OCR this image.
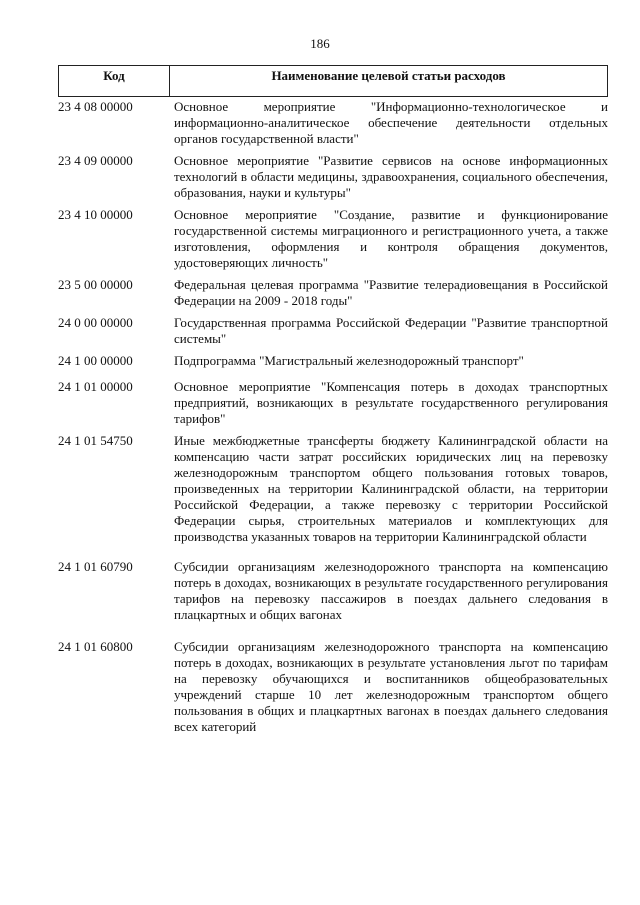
186
Код	Наименование целевой статьи расходов
23 4 08 00000	Основное мероприятие "Информационно-технологическое и информационно-аналитическое обеспечение деятельности отдельных органов государственной власти"
23 4 09 00000	Основное мероприятие "Развитие сервисов на основе информационных технологий в области медицины, здравоохранения, социального обеспечения, образования, науки и культуры"
23 4 10 00000	Основное мероприятие "Создание, развитие и функционирование государственной системы миграционного и регистрационного учета, а также изготовления, оформления и контроля обращения документов, удостоверяющих личность"
23 5 00 00000	Федеральная целевая программа "Развитие телерадиовещания в Российской Федерации на 2009 - 2018 годы"
24 0 00 00000	Государственная программа Российской Федерации "Развитие транспортной системы"
24 1 00 00000	Подпрограмма "Магистральный железнодорожный транспорт"
24 1 01 00000	Основное мероприятие "Компенсация потерь в доходах транспортных предприятий, возникающих в результате государственного регулирования тарифов"
24 1 01 54750	Иные межбюджетные трансферты бюджету Калининградской области на компенсацию части затрат российских юридических лиц на перевозку железнодорожным транспортом общего пользования готовых товаров, произведенных на территории Калининградской области, на территории Российской Федерации, а также перевозку с территории Российской Федерации сырья, строительных материалов и комплектующих для производства указанных товаров на территории Калининградской области
24 1 01 60790	Субсидии организациям железнодорожного транспорта на компенсацию потерь в доходах, возникающих в результате государственного регулирования тарифов на перевозку пассажиров в поездах дальнего следования в плацкартных и общих вагонах
24 1 01 60800	Субсидии организациям железнодорожного транспорта на компенсацию потерь в доходах, возникающих в результате установления льгот по тарифам на перевозку обучающихся и воспитанников общеобразовательных учреждений старше 10 лет железнодорожным транспортом общего пользования в общих и плацкартных вагонах в поездах дальнего следования всех категорий
